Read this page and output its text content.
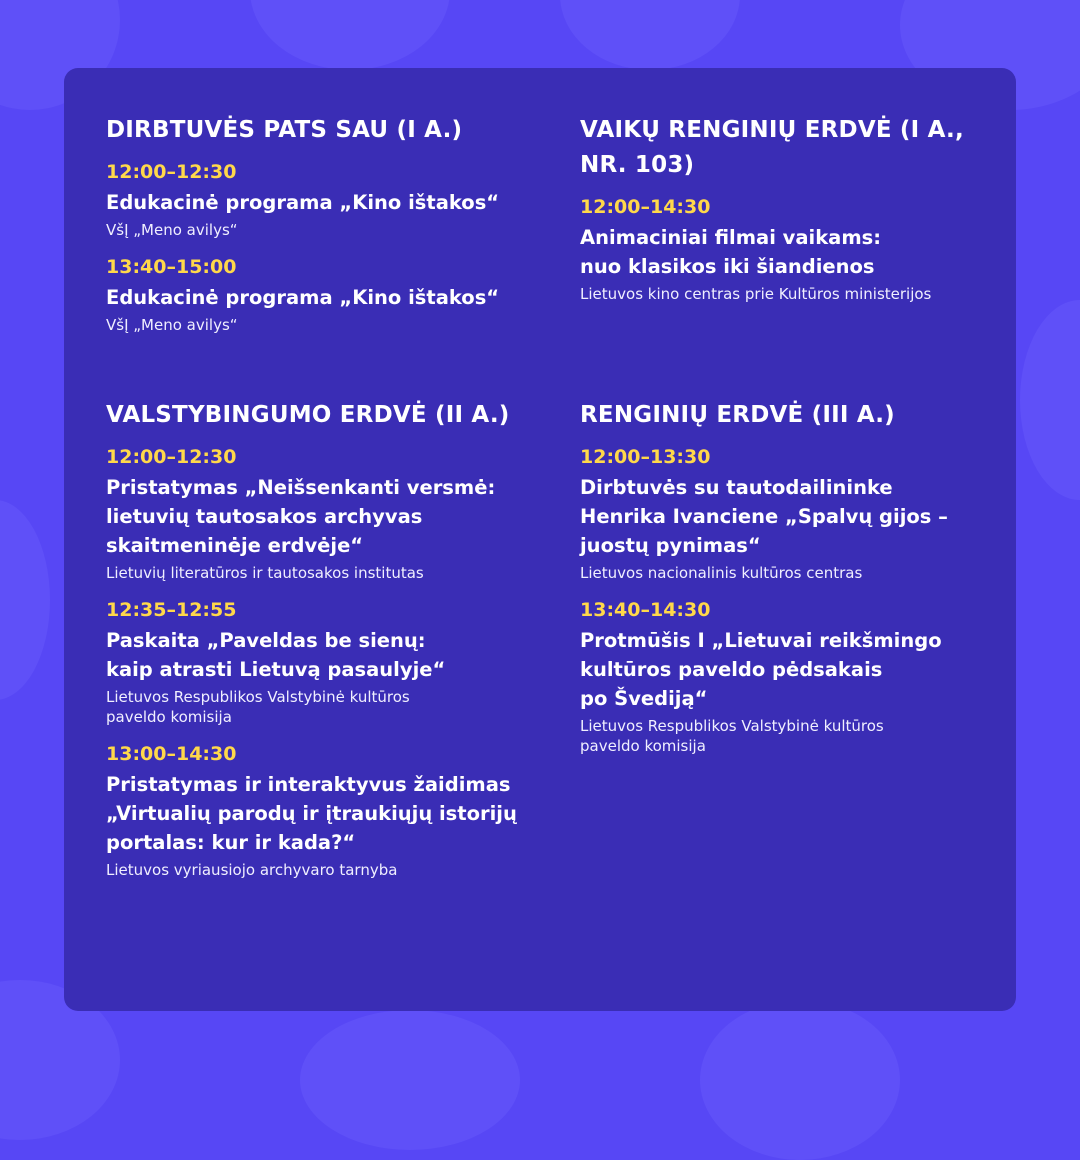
DIRBTUVĖS PATS SAU (I A.)
12:00–12:30
Edukacinė programa „Kino ištakos“
VšĮ „Meno avilys“
13:40–15:00
Edukacinė programa „Kino ištakos“
VšĮ „Meno avilys“
VAIKŲ RENGINIŲ ERDVĖ (I A.,
NR. 103)
12:00–14:30
Animaciniai filmai vaikams:
nuo klasikos iki šiandienos
Lietuvos kino centras prie Kultūros ministerijos
VALSTYBINGUMO ERDVĖ (II A.)
12:00–12:30
Pristatymas „Neišsenkanti versmė:
lietuvių tautosakos archyvas
skaitmeninėje erdvėje“
Lietuvių literatūros ir tautosakos institutas
12:35–12:55
Paskaita „Paveldas be sienų:
kaip atrasti Lietuvą pasaulyje“
Lietuvos Respublikos Valstybinė kultūros
paveldo komisija
13:00–14:30
Pristatymas ir interaktyvus žaidimas
„Virtualių parodų ir įtraukiųjų istorijų
portalas: kur ir kada?“
Lietuvos vyriausiojo archyvaro tarnyba
RENGINIŲ ERDVĖ (III A.)
12:00–13:30
Dirbtuvės su tautodailininke
Henrika Ivanciene „Spalvų gijos –
juostų pynimas“
Lietuvos nacionalinis kultūros centras
13:40–14:30
Protmūšis I „Lietuvai reikšmingo
kultūros paveldo pėdsakais
po Švediją“
Lietuvos Respublikos Valstybinė kultūros
paveldo komisija
